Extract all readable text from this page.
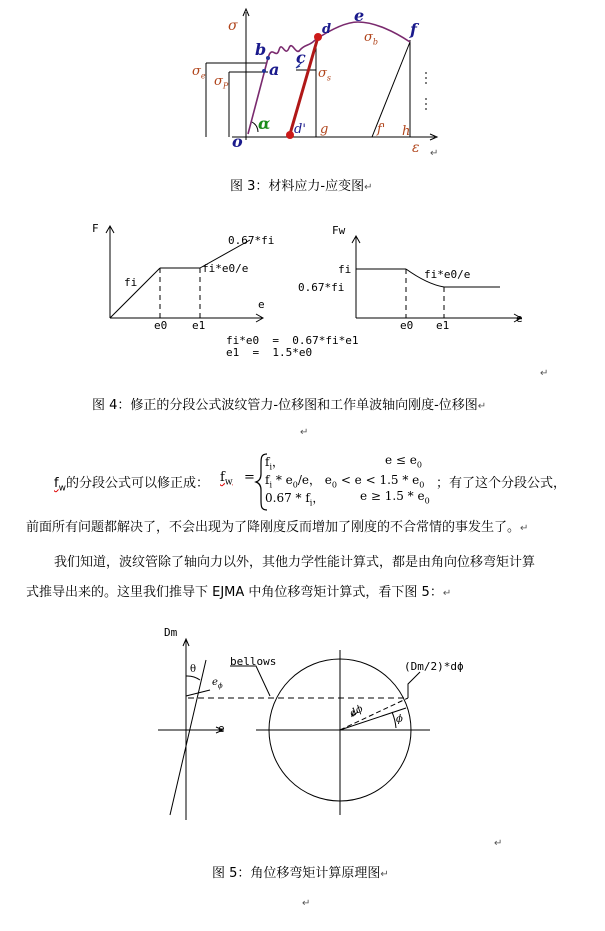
σ
b
a
c
d
e
f
$\sigma_e$ $\sigma_P$
$\sigma_s$
$\sigma_b$
o
α d' g	f' h
ε ↵
图 3：材料应力-应变图↵
F
e
fi
0.67*fi
fi*e0/e
e0 e1
Fw
e
fi
0.67*fi
fi*e0/e
e0 e1
fi*e0  =  0.67*fi*e1
e1  =  1.5*e0
↵
图 4：修正的分段公式波纹管力-位移图和工作单波轴向刚度-位移图↵
↵
$f_w$的分段公式可以修正成： $f_w$ =
$f_i$，	$e \le e_0$
$f_i * e_0/e$， $e_0 < e < 1.5 * e_0$
$0.67 * f_i$，	$e \ge 1.5 * e_0$
；有了这个分段公式，
前面所有问题都解决了，不会出现为了降刚度反而增加了刚度的不合常情的事发生了。↵
我们知道，波纹管除了轴向力以外，其他力学性能计算式，都是由角向位移弯矩计算
式推导出来的。这里我们推导下 EJMA 中角位移弯矩计算式，看下图 5：↵
Dm
e
θ
$e_\phi$
bellows	(Dm/2)*dϕ
dϕ	ϕ
↵
图 5：角位移弯矩计算原理图↵
↵
